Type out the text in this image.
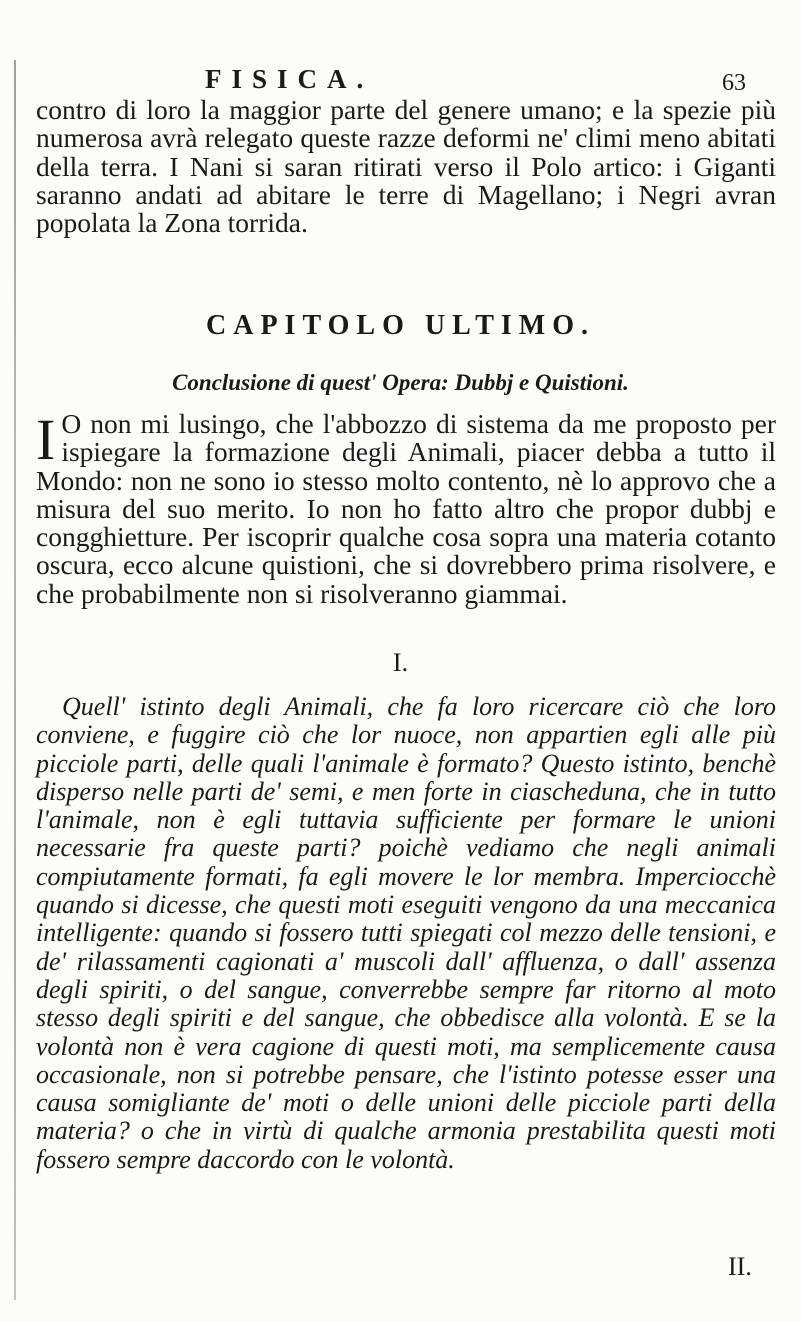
FISICA.	63

contro di loro la maggior parte del genere umano; e la spezie più numerosa avrà relegato queste razze deformi ne' climi meno abitati della terra. I Nani si saran ritirati verso il Polo artico: i Giganti saranno andati ad abitare le terre di Magellano; i Negri avran popolata la Zona torrida.

CAPITOLO ULTIMO.
Conclusione di quest' Opera: Dubbj e Quistioni.

I O non mi lusingo, che l'abbozzo di sistema da me proposto per ispiegare la formazione degli Animali, piacer debba a tutto il Mondo: non ne sono io stesso molto contento, nè lo approvo che a misura del suo merito. Io non ho fatto altro che propor dubbj e congghietture. Per iscoprir qualche cosa sopra una materia cotanto oscura, ecco alcune quistioni, che si dovrebbero prima risolvere, e che probabilmente non si risolveranno giammai.

I.

Quell' istinto degli Animali, che fa loro ricercare ciò che loro conviene, e fuggire ciò che lor nuoce, non appartien egli alle più picciole parti, delle quali l'animale è formato? Questo istinto, benchè disperso nelle parti de' semi, e men forte in ciascheduna, che in tutto l'animale, non è egli tuttavia sufficiente per formare le unioni necessarie fra queste parti? poichè vediamo che negli animali compiutamente formati, fa egli movere le lor membra. Imperciocchè quando si dicesse, che questi moti eseguiti vengono da una meccanica intelligente: quando si fossero tutti spiegati col mezzo delle tensioni, e de' rilassamenti cagionati a' muscoli dall' affluenza, o dall' assenza degli spiriti, o del sangue, converrebbe sempre far ritorno al moto stesso degli spiriti e del sangue, che obbedisce alla volontà. E se la volontà non è vera cagione di questi moti, ma semplicemente causa occasionale, non si potrebbe pensare, che l'istinto potesse esser una causa somigliante de' moti o delle unioni delle picciole parti della materia? o che in virtù di qualche armonia prestabilita questi moti fossero sempre daccordo con le volontà.

II.
